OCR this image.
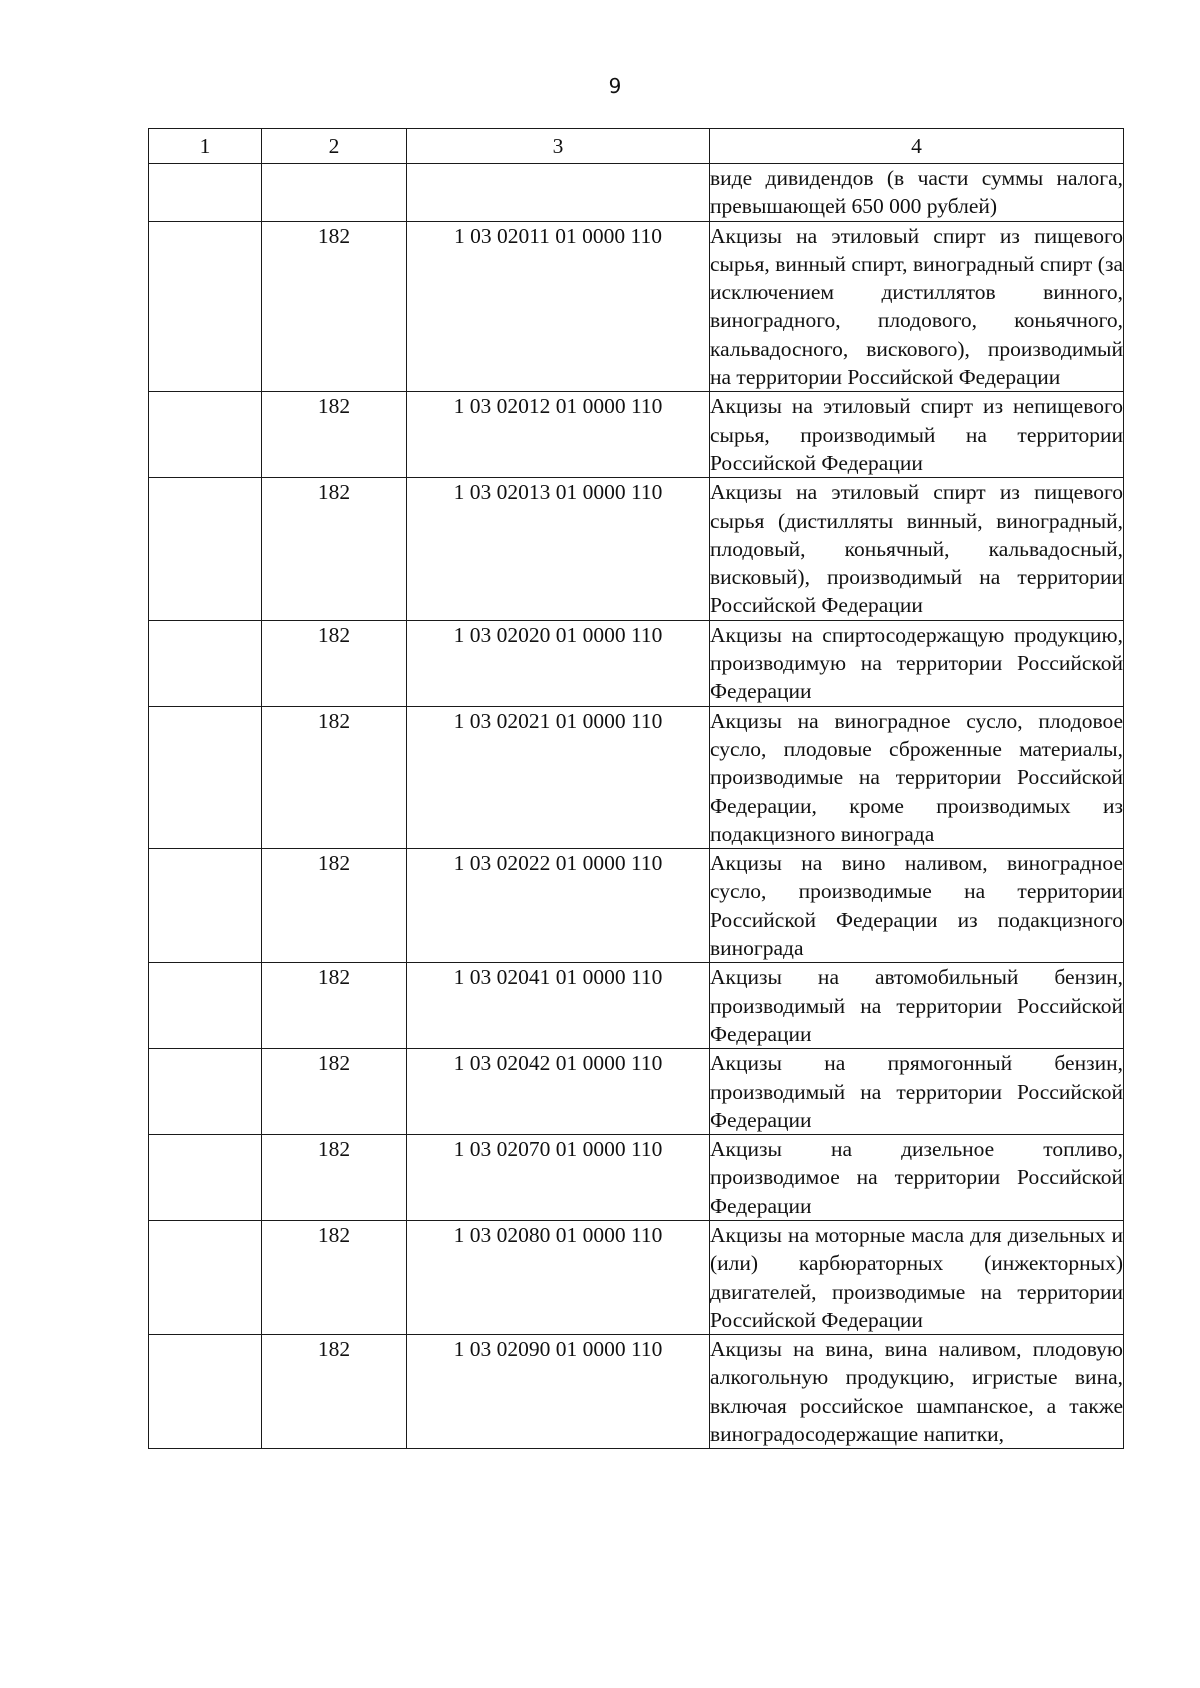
9
1	2	3	4
			виде дивидендов (в части суммы налога, превышающей 650 000 рублей)
	182	1 03 02011 01 0000 110	Акцизы на этиловый спирт из пищевого сырья, винный спирт, виноградный спирт (за исключением дистиллятов винного, виноградного, плодового, коньячного, кальвадосного, вискового), производимый на территории Российской Федерации
	182	1 03 02012 01 0000 110	Акцизы на этиловый спирт из непищевого сырья, производимый на территории Российской Федерации
	182	1 03 02013 01 0000 110	Акцизы на этиловый спирт из пищевого сырья (дистилляты винный, виноградный, плодовый, коньячный, кальвадосный, висковый), производимый на территории Российской Федерации
	182	1 03 02020 01 0000 110	Акцизы на спиртосодержащую продукцию, производимую на территории Российской Федерации
	182	1 03 02021 01 0000 110	Акцизы на виноградное сусло, плодовое сусло, плодовые сброженные материалы, производимые на территории Российской Федерации, кроме производимых из подакцизного винограда
	182	1 03 02022 01 0000 110	Акцизы на вино наливом, виноградное сусло, производимые на территории Российской Федерации из подакцизного винограда
	182	1 03 02041 01 0000 110	Акцизы на автомобильный бензин, производимый на территории Российской Федерации
	182	1 03 02042 01 0000 110	Акцизы на прямогонный бензин, производимый на территории Российской Федерации
	182	1 03 02070 01 0000 110	Акцизы на дизельное топливо, производимое на территории Российской Федерации
	182	1 03 02080 01 0000 110	Акцизы на моторные масла для дизельных и (или) карбюраторных (инжекторных) двигателей, производимые на территории Российской Федерации
	182	1 03 02090 01 0000 110	Акцизы на вина, вина наливом, плодовую алкогольную продукцию, игристые вина, включая российское шампанское, а также виноградосодержащие напитки,
